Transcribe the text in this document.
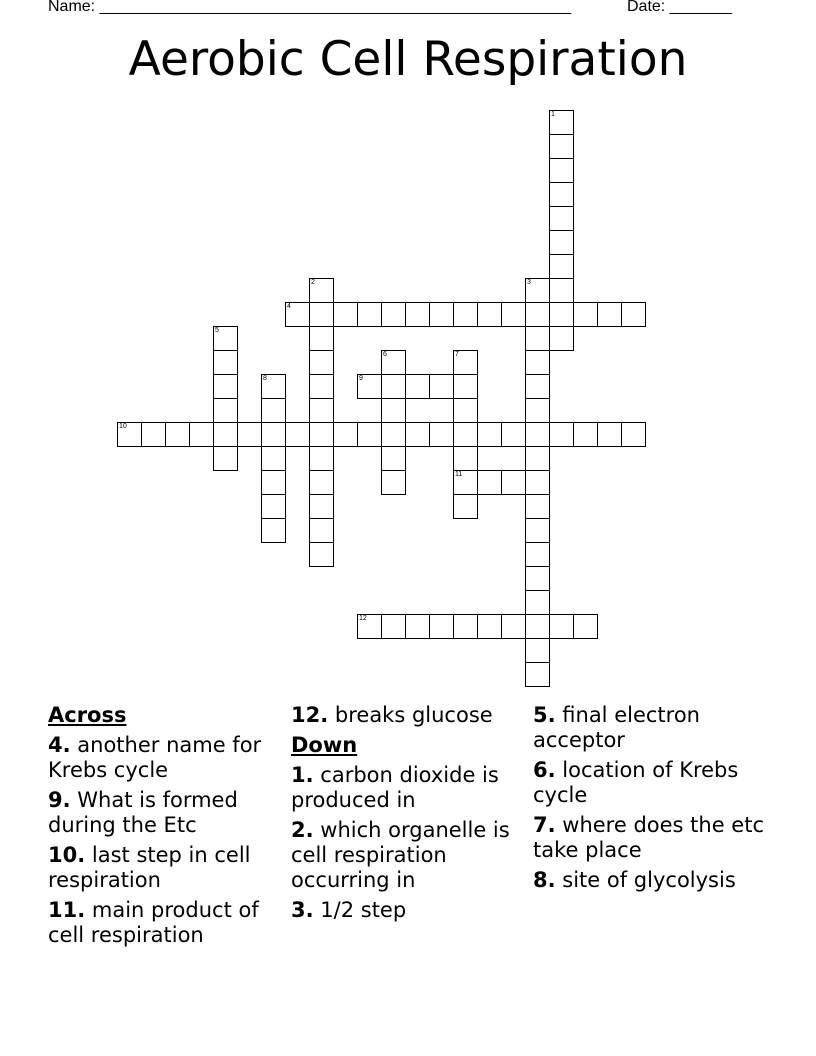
Name: _____________________________________________________	Date: _______
Aerobic Cell Respiration
1
2	3
4
5
6	7
11
8	9
10
12
Across
4. another name for Krebs cycle
9. What is formed during the Etc
10. last step in cell respiration
11. main product of cell respiration
12. breaks glucose
Down
1. carbon dioxide is produced in
2. which organelle is cell respiration occurring in
3. 1/2 step
5. final electron acceptor
6. location of Krebs cycle
7. where does the etc take place
8. site of glycolysis
